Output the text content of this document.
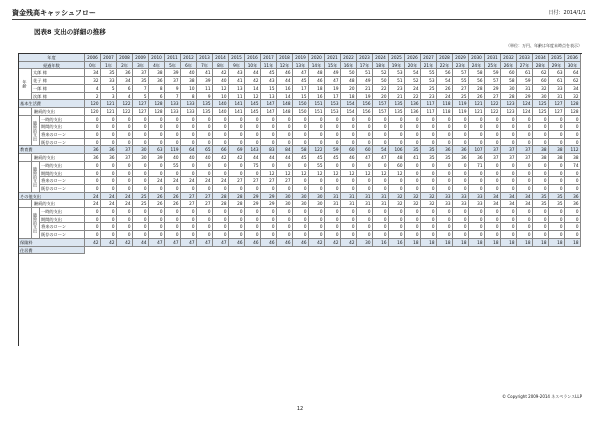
資金残高キャッシュフロー	日付：2014/1/1
図表8 支出の詳細の推移
（単位：万円、年齢は年度末時点を表示）
年度	2006	2007	2008	2009	2010	2011	2012	2013	2014	2015	2016	2017	2018	2019	2020	2021	2022	2023	2024	2025	2026	2027	2028	2029	2030	2031	2032	2033	2034	2035	2036
経過年数	0年	1年	2年	3年	4年	5年	6年	7年	8年	9年	10年	11年	12年	13年	14年	15年	16年	17年	18年	19年	20年	21年	22年	23年	24年	25年	26年	27年	28年	29年	30年
年齢
太郎 様	34	35	36	37	38	39	40	41	42	43	44	45	46	47	48	49	50	51	52	53	54	55	56	57	58	59	60	61	62	63	64
花子 様	32	33	34	35	36	37	38	39	40	41	42	43	44	45	46	47	48	49	50	51	52	53	54	55	56	57	58	59	60	61	62
一郎 様	4	5	6	7	8	9	10	11	12	13	14	15	16	17	18	19	20	21	22	23	24	25	26	27	28	29	30	31	32	33	34
次郎 様	2	3	4	5	6	7	8	9	10	11	12	13	14	15	16	17	18	19	20	21	22	23	24	25	26	27	28	29	30	31	32
基本生活費	120	121	122	127	128	133	133	135	140	141	145	147	148	150	151	153	154	156	157	135	136	117	118	119	121	122	123	124	125	127	128
継続的支出	120	121	122	127	128	133	133	135	140	141	145	147	148	150	151	153	154	156	157	135	136	117	118	119	121	122	123	124	125	127	128
臨時的支出
一時的支出	0	0	0	0	0	0	0	0	0	0	0	0	0	0	0	0	0	0	0	0	0	0	0	0	0	0	0	0	0	0	0
期間的支出	0	0	0	0	0	0	0	0	0	0	0	0	0	0	0	0	0	0	0	0	0	0	0	0	0	0	0	0	0	0	0
将来のローン	0	0	0	0	0	0	0	0	0	0	0	0	0	0	0	0	0	0	0	0	0	0	0	0	0	0	0	0	0	0	0
既存のローン	0	0	0	0	0	0	0	0	0	0	0	0	0	0	0	0	0	0	0	0	0	0	0	0	0	0	0	0	0	0	0
教育費	36	36	37	30	63	119	64	65	66	69	143	83	84	58	122	59	60	60	54	106	35	35	36	36	107	37	37	37	38	38	112
継続的支出	36	36	37	30	39	40	40	40	42	42	44	44	44	45	45	45	46	47	47	48	41	35	35	36	36	37	37	37	38	38	38
臨時的支出
一時的支出	0	0	0	0	0	55	0	0	0	0	75	0	0	0	55	0	0	0	0	60	0	0	0	0	71	0	0	0	0	0	74
期間的支出	0	0	0	0	0	0	0	0	0	0	0	12	12	12	12	12	12	12	12	12	0	0	0	0	0	0	0	0	0	0	0
将来のローン	0	0	0	0	24	24	24	24	24	27	27	27	27	0	0	0	0	0	0	0	0	0	0	0	0	0	0	0	0	0	0
既存のローン	0	0	0	0	0	0	0	0	0	0	0	0	0	0	0	0	0	0	0	0	0	0	0	0	0	0	0	0	0	0	0
その他支出	24	24	24	25	26	26	27	27	28	28	29	29	30	30	30	31	31	31	31	32	32	32	33	33	33	34	34	34	35	35	36
継続的支出	24	24	24	25	26	26	27	27	28	28	29	29	30	30	30	31	31	31	31	32	32	32	33	33	33	34	34	34	35	35	36
臨時的支出
一時的支出	0	0	0	0	0	0	0	0	0	0	0	0	0	0	0	0	0	0	0	0	0	0	0	0	0	0	0	0	0	0	0
期間的支出	0	0	0	0	0	0	0	0	0	0	0	0	0	0	0	0	0	0	0	0	0	0	0	0	0	0	0	0	0	0	0
将来のローン	0	0	0	0	0	0	0	0	0	0	0	0	0	0	0	0	0	0	0	0	0	0	0	0	0	0	0	0	0	0	0
既存のローン	0	0	0	0	0	0	0	0	0	0	0	0	0	0	0	0	0	0	0	0	0	0	0	0	0	0	0	0	0	0	0
保険料	42	42	42	44	47	47	47	47	47	46	46	46	46	46	42	42	42	30	16	16	18	18	18	18	18	18	18	18	18	18	18
住居費
© Copyright 2009-2014 ネスペランスLLP
12
